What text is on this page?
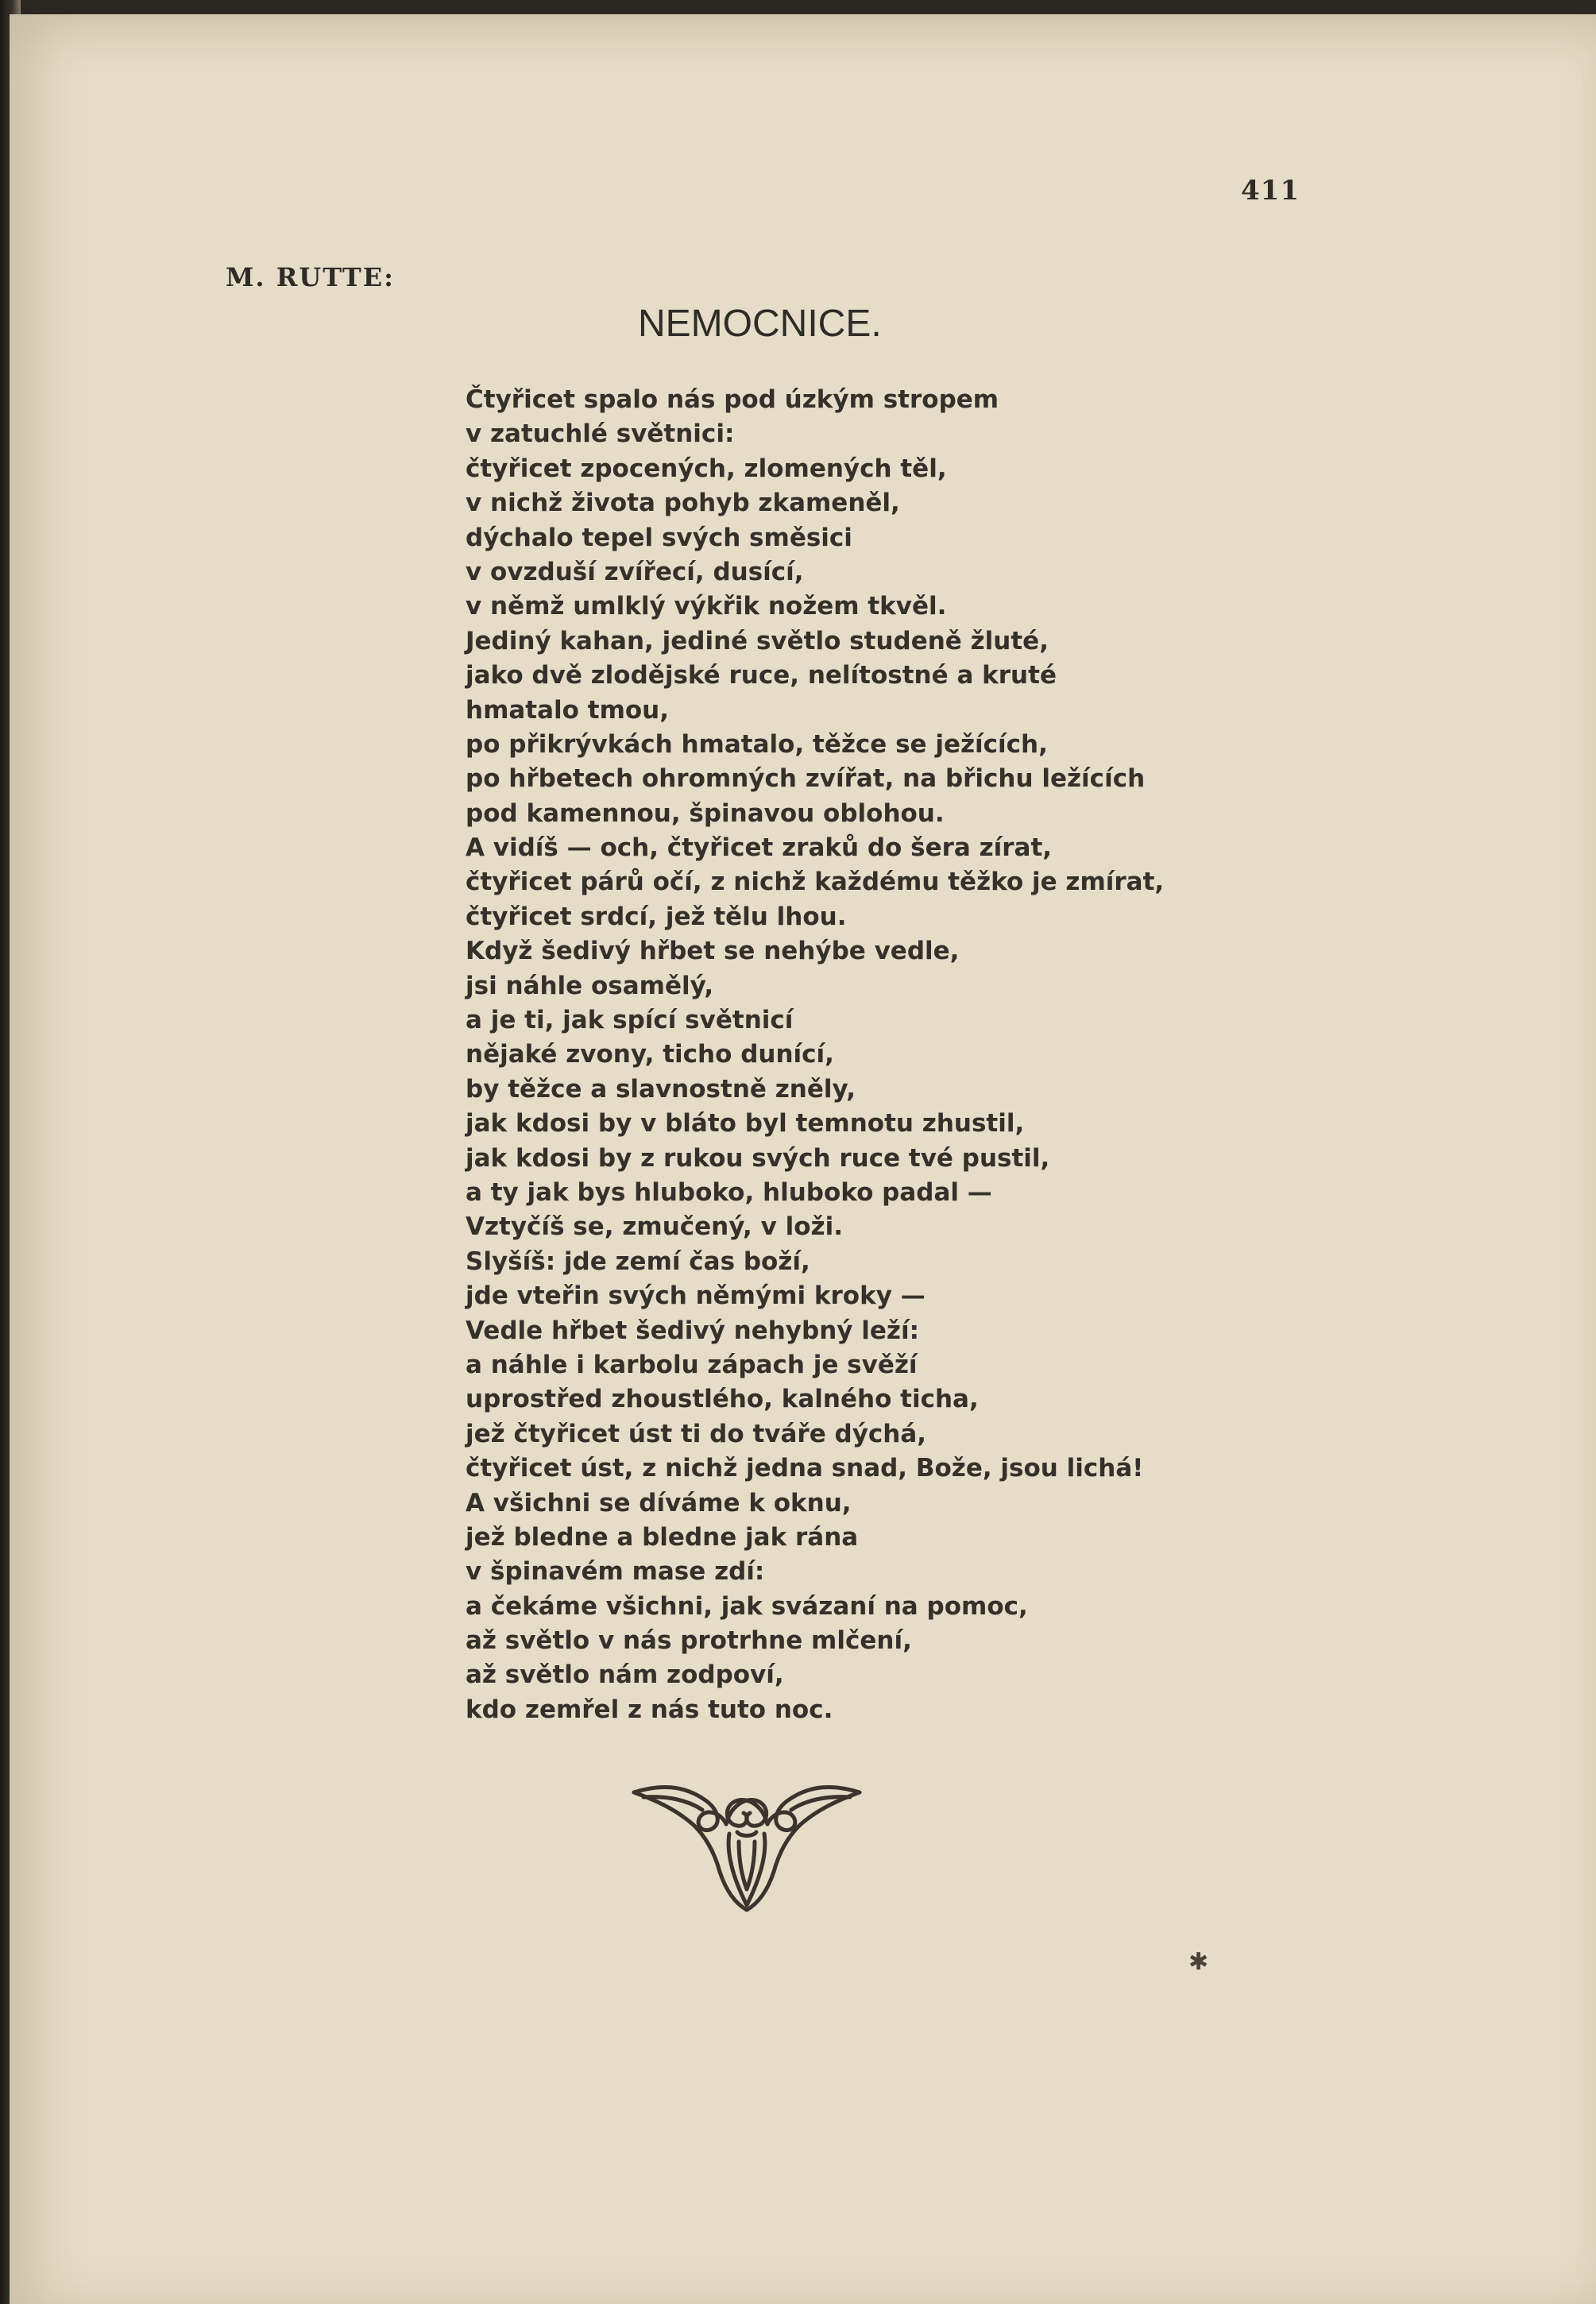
411
M. RUTTE:
NEMOCNICE.
Čtyřicet spalo nás pod úzkým stropem
v zatuchlé světnici:
čtyřicet zpocených, zlomených těl,
v nichž života pohyb zkameněl,
dýchalo tepel svých směsici
v ovzduší zvířecí, dusící,
v němž umlklý výkřik nožem tkvěl.
Jediný kahan, jediné světlo studeně žluté,
jako dvě zlodějské ruce, nelítostné a kruté
hmatalo tmou,
po přikrývkách hmatalo, těžce se ježících,
po hřbetech ohromných zvířat, na břichu ležících
pod kamennou, špinavou oblohou.
A vidíš — och, čtyřicet zraků do šera zírat,
čtyřicet párů očí, z nichž každému těžko je zmírat,
čtyřicet srdcí, jež tělu lhou.
Když šedivý hřbet se nehýbe vedle,
jsi náhle osamělý,
a je ti, jak spící světnicí
nějaké zvony, ticho dunící,
by těžce a slavnostně zněly,
jak kdosi by v bláto byl temnotu zhustil,
jak kdosi by z rukou svých ruce tvé pustil,
a ty jak bys hluboko, hluboko padal —
Vztyčíš se, zmučený, v loži.
Slyšíš: jde zemí čas boží,
jde vteřin svých němými kroky —
Vedle hřbet šedivý nehybný leží:
a náhle i karbolu zápach je svěží
uprostřed zhoustlého, kalného ticha,
jež čtyřicet úst ti do tváře dýchá,
čtyřicet úst, z nichž jedna snad, Bože, jsou lichá!
A všichni se díváme k oknu,
jež bledne a bledne jak rána
v špinavém mase zdí:
a čekáme všichni, jak svázaní na pomoc,
až světlo v nás protrhne mlčení,
až světlo nám zodpoví,
kdo zemřel z nás tuto noc.
✱
